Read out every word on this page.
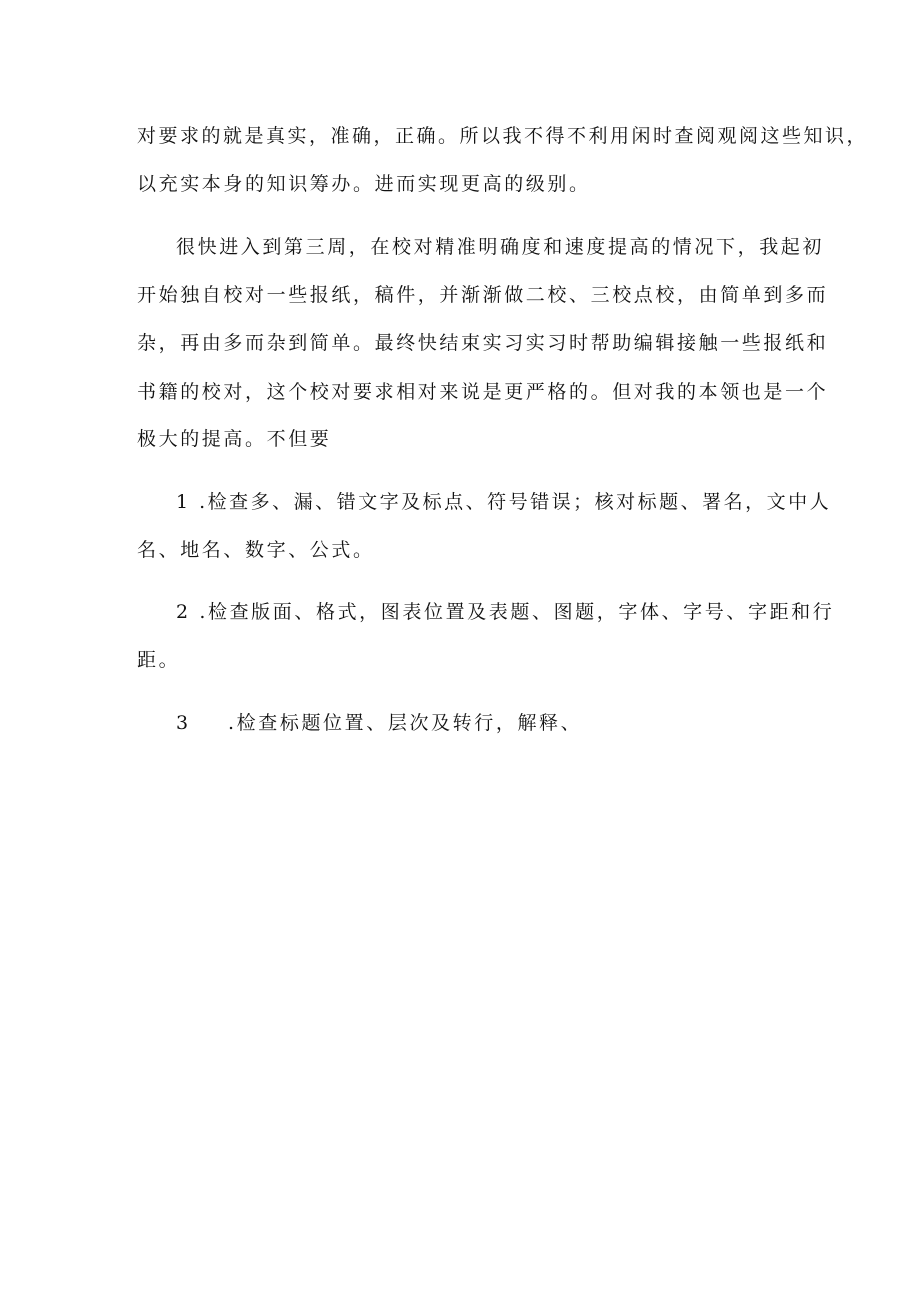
对要求的就是真实，准确，正确。所以我不得不利用闲时查阅观阅这些知识，
以充实本身的知识筹办。进而实现更高的级别。
很快进入到第三周，在校对精准明确度和速度提高的情况下，我起初
开始独自校对一些报纸，稿件，并渐渐做二校、三校点校，由简单到多而
杂，再由多而杂到简单。最终快结束实习实习时帮助编辑接触一些报纸和
书籍的校对，这个校对要求相对来说是更严格的。但对我的本领也是一个
极大的提高。不但要
1 .检查多、漏、错文字及标点、符号错误；核对标题、署名，文中人
名、地名、数字、公式。
2 .检查版面、格式，图表位置及表题、图题，字体、字号、字距和行
距。
3 .检查标题位置、层次及转行，解释、
